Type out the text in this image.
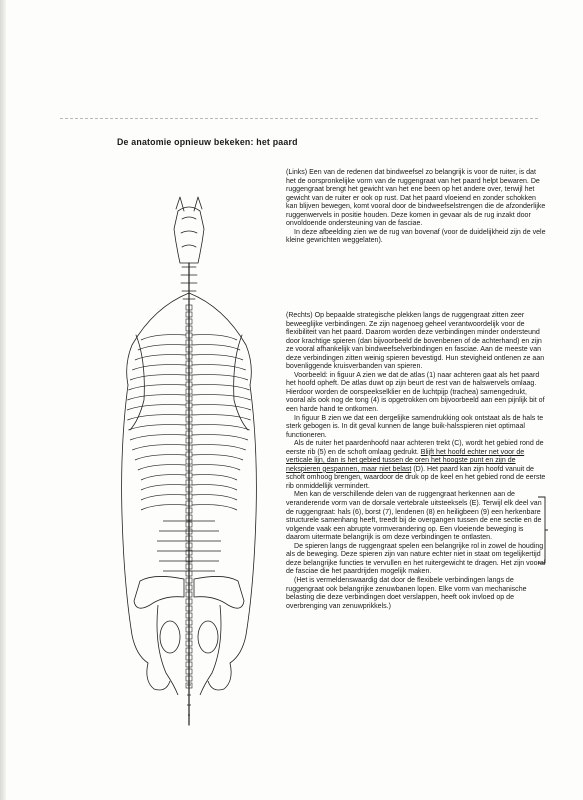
De anatomie opnieuw bekeken: het paard

(Links) Een van de redenen dat bindweefsel zo belangrijk is voor de ruiter, is dat het de oorspronkelijke vorm van de ruggengraat van het paard helpt bewaren. De ruggengraat brengt het gewicht van het ene been op het andere over, terwijl het gewicht van de ruiter er ook op rust. Dat het paard vloeiend en zonder schokken kan blijven bewegen, komt vooral door de bindweefselstrengen die de afzonderlijke ruggenwervels in positie houden. Deze komen in gevaar als de rug inzakt door onvoldoende ondersteuning van de fasciae.

In deze afbeelding zien we de rug van bovenaf (voor de duidelijkheid zijn de vele kleine gewrichten weggelaten).

(Rechts) Op bepaalde strategische plekken langs de ruggengraat zitten zeer beweeglijke verbindingen. Ze zijn nagenoeg geheel verantwoordelijk voor de flexibiliteit van het paard. Daarom worden deze verbindingen minder ondersteund door krachtige spieren (dan bijvoorbeeld de bovenbenen of de achterhand) en zijn ze vooral afhankelijk van bindweefselverbindingen en fasciae. Aan de meeste van deze verbindingen zitten weinig spieren bevestigd. Hun stevigheid ontlenen ze aan bovenliggende kruisverbanden van spieren.

Voorbeeld: in figuur A zien we dat de atlas (1) naar achteren gaat als het paard het hoofd opheft. De atlas duwt op zijn beurt de rest van de halswervels omlaag. Hierdoor worden de oorspeekselklier en de luchtpijp (trachea) samengedrukt, vooral als ook nog de tong (4) is opgetrokken om bijvoorbeeld aan een pijnlijk bit of een harde hand te ontkomen.

In figuur B zien we dat een dergelijke samendrukking ook ontstaat als de hals te sterk gebogen is. In dit geval kunnen de lange buik-halsspieren niet optimaal functioneren.

Als de ruiter het paardenhoofd naar achteren trekt (C), wordt het gebied rond de eerste rib (5) en de schoft omlaag gedrukt. Blijft het hoofd echter net voor de verticale lijn, dan is het gebied tussen de oren het hoogste punt en zijn de nekspieren gespannen, maar niet belast (D). Het paard kan zijn hoofd vanuit de schoft omhoog brengen, waardoor de druk op de keel en het gebied rond de eerste rib onmiddellijk vermindert.

Men kan de verschillende delen van de ruggengraat herkennen aan de veranderende vorm van de dorsale vertebrale uitsteeksels (E). Terwijl elk deel van de ruggengraat: hals (6), borst (7), lendenen (8) en heiligbeen (9) een herkenbare structurele samenhang heeft, treedt bij de overgangen tussen de ene sectie en de volgende vaak een abrupte vormverandering op. Een vloeiende beweging is daarom uitermate belangrijk is om deze verbindingen te ontlasten.

De spieren langs de ruggengraat spelen een belangrijke rol in zowel de houding als de beweging. Deze spieren zijn van nature echter niet in staat om tegelijkertijd deze belangrijke functies te vervullen en het ruitergewicht te dragen. Het zijn vooral de fasciae die het paardrijden mogelijk maken.

(Het is vermeldenswaardig dat door de flexibele verbindingen langs de ruggengraat ook belangrijke zenuwbanen lopen. Elke vorm van mechanische belasting die deze verbindingen doet verslappen, heeft ook invloed op de overbrenging van zenuwprikkels.)
